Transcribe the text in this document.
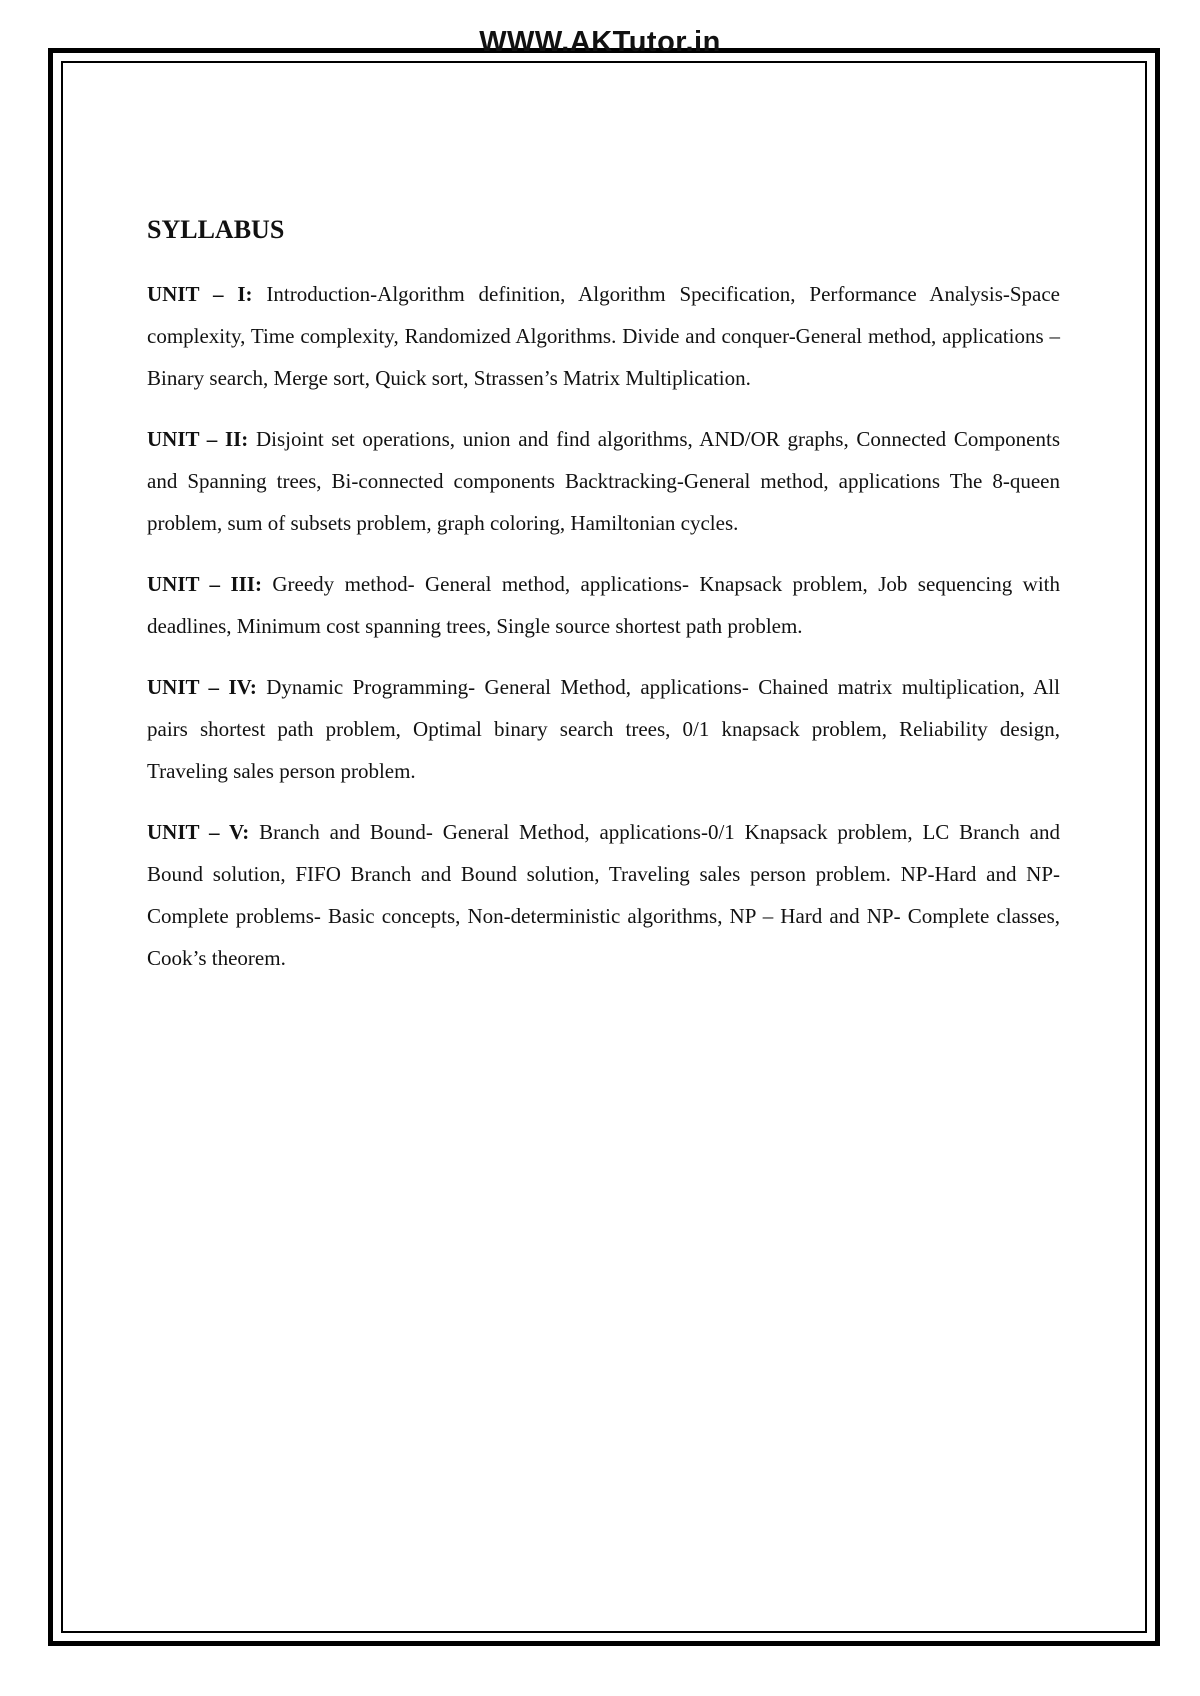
WWW.AKTutor.in
SYLLABUS

UNIT – I: Introduction-Algorithm definition, Algorithm Specification, Performance Analysis-Space complexity, Time complexity, Randomized Algorithms. Divide and conquer-General method, applications – Binary search, Merge sort, Quick sort, Strassen’s Matrix Multiplication.

UNIT – II: Disjoint set operations, union and find algorithms, AND/OR graphs, Connected Components and Spanning trees, Bi-connected components Backtracking-General method, applications The 8-queen problem, sum of subsets problem, graph coloring, Hamiltonian cycles.

UNIT – III: Greedy method- General method, applications- Knapsack problem, Job sequencing with deadlines, Minimum cost spanning trees, Single source shortest path problem.

UNIT – IV: Dynamic Programming- General Method, applications- Chained matrix multiplication, All pairs shortest path problem, Optimal binary search trees, 0/1 knapsack problem, Reliability design, Traveling sales person problem.

UNIT – V: Branch and Bound- General Method, applications-0/1 Knapsack problem, LC Branch and Bound solution, FIFO Branch and Bound solution, Traveling sales person problem. NP-Hard and NP-Complete problems- Basic concepts, Non-deterministic algorithms, NP – Hard and NP- Complete classes, Cook’s theorem.
